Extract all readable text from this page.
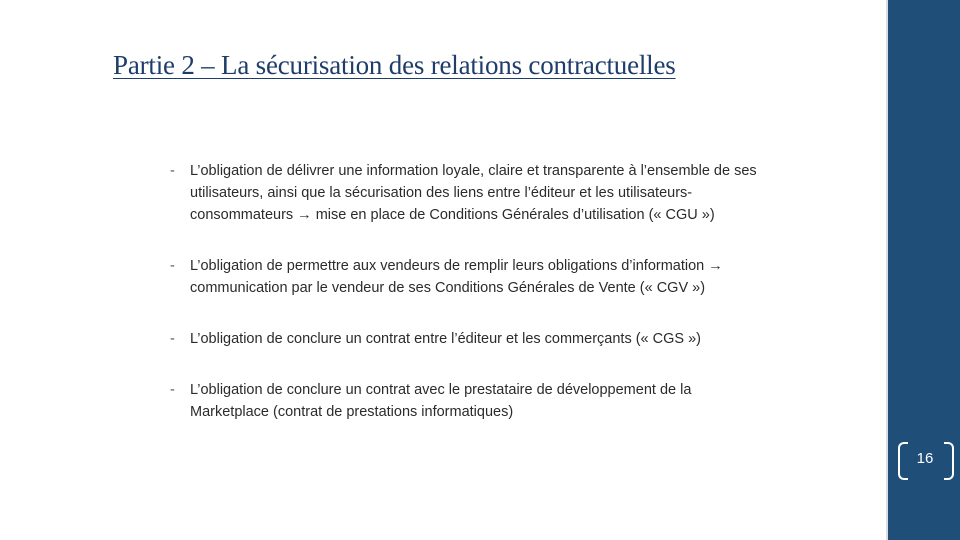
Partie 2 – La sécurisation des relations contractuelles
- L’obligation de délivrer une information loyale, claire et transparente à l’ensemble de ses utilisateurs, ainsi que la sécurisation des liens entre l’éditeur et les utilisateurs-consommateurs → mise en place de Conditions Générales d’utilisation (« CGU »)
- L’obligation de permettre aux vendeurs de remplir leurs obligations d’information → communication par le vendeur de ses Conditions Générales de Vente (« CGV »)
- L’obligation de conclure un contrat entre l’éditeur et les commerçants (« CGS »)
- L’obligation de conclure un contrat avec le prestataire de développement de la Marketplace (contrat de prestations informatiques)
16
